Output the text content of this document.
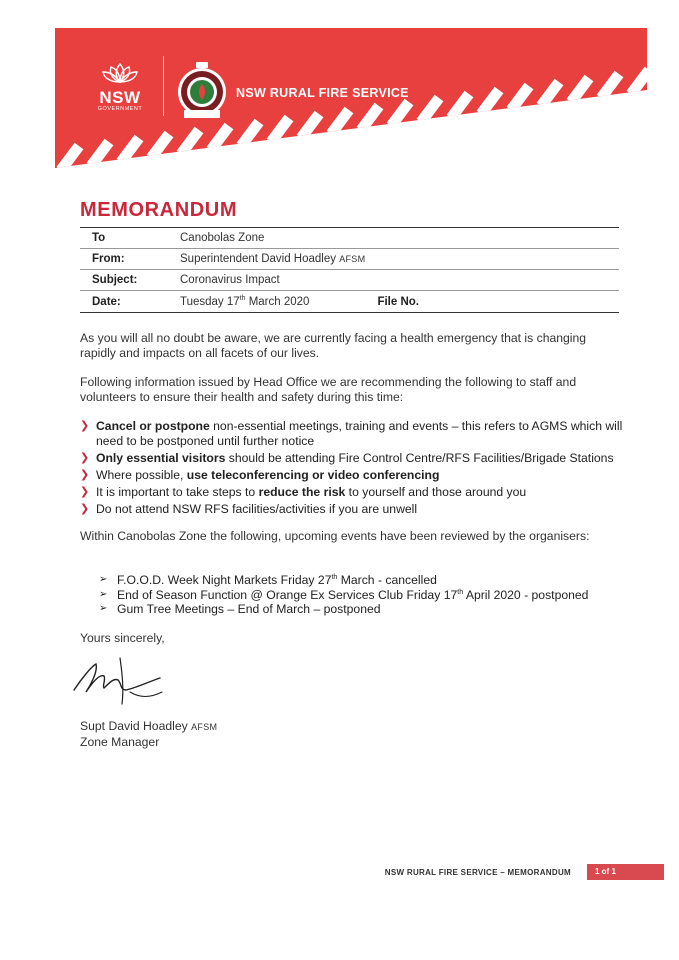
NSW
GOVERNMENT
NSW RURAL FIRE SERVICE
MEMORANDUM
To	Canobolas Zone
From:	Superintendent David Hoadley AFSM
Subject:	Coronavirus Impact
Date:	Tuesday 17th March 2020	File No.
As you will all no doubt be aware, we are currently facing a health emergency that is changing rapidly and impacts on all facets of our lives.
Following information issued by Head Office we are recommending the following to staff and volunteers to ensure their health and safety during this time:
❯ Cancel or postpone non-essential meetings, training and events – this refers to AGMS which will need to be postponed until further notice
❯ Only essential visitors should be attending Fire Control Centre/RFS Facilities/Brigade Stations
❯ Where possible, use teleconferencing or video conferencing
❯ It is important to take steps to reduce the risk to yourself and those around you
❯ Do not attend NSW RFS facilities/activities if you are unwell
Within Canobolas Zone the following, upcoming events have been reviewed by the organisers:
➢ F.O.O.D. Week Night Markets Friday 27th March - cancelled
➢ End of Season Function @ Orange Ex Services Club Friday 17th April 2020 - postponed
➢ Gum Tree Meetings – End of March – postponed
Yours sincerely,
Supt David Hoadley AFSM
Zone Manager
NSW RURAL FIRE SERVICE – MEMORANDUM	1 of 1
